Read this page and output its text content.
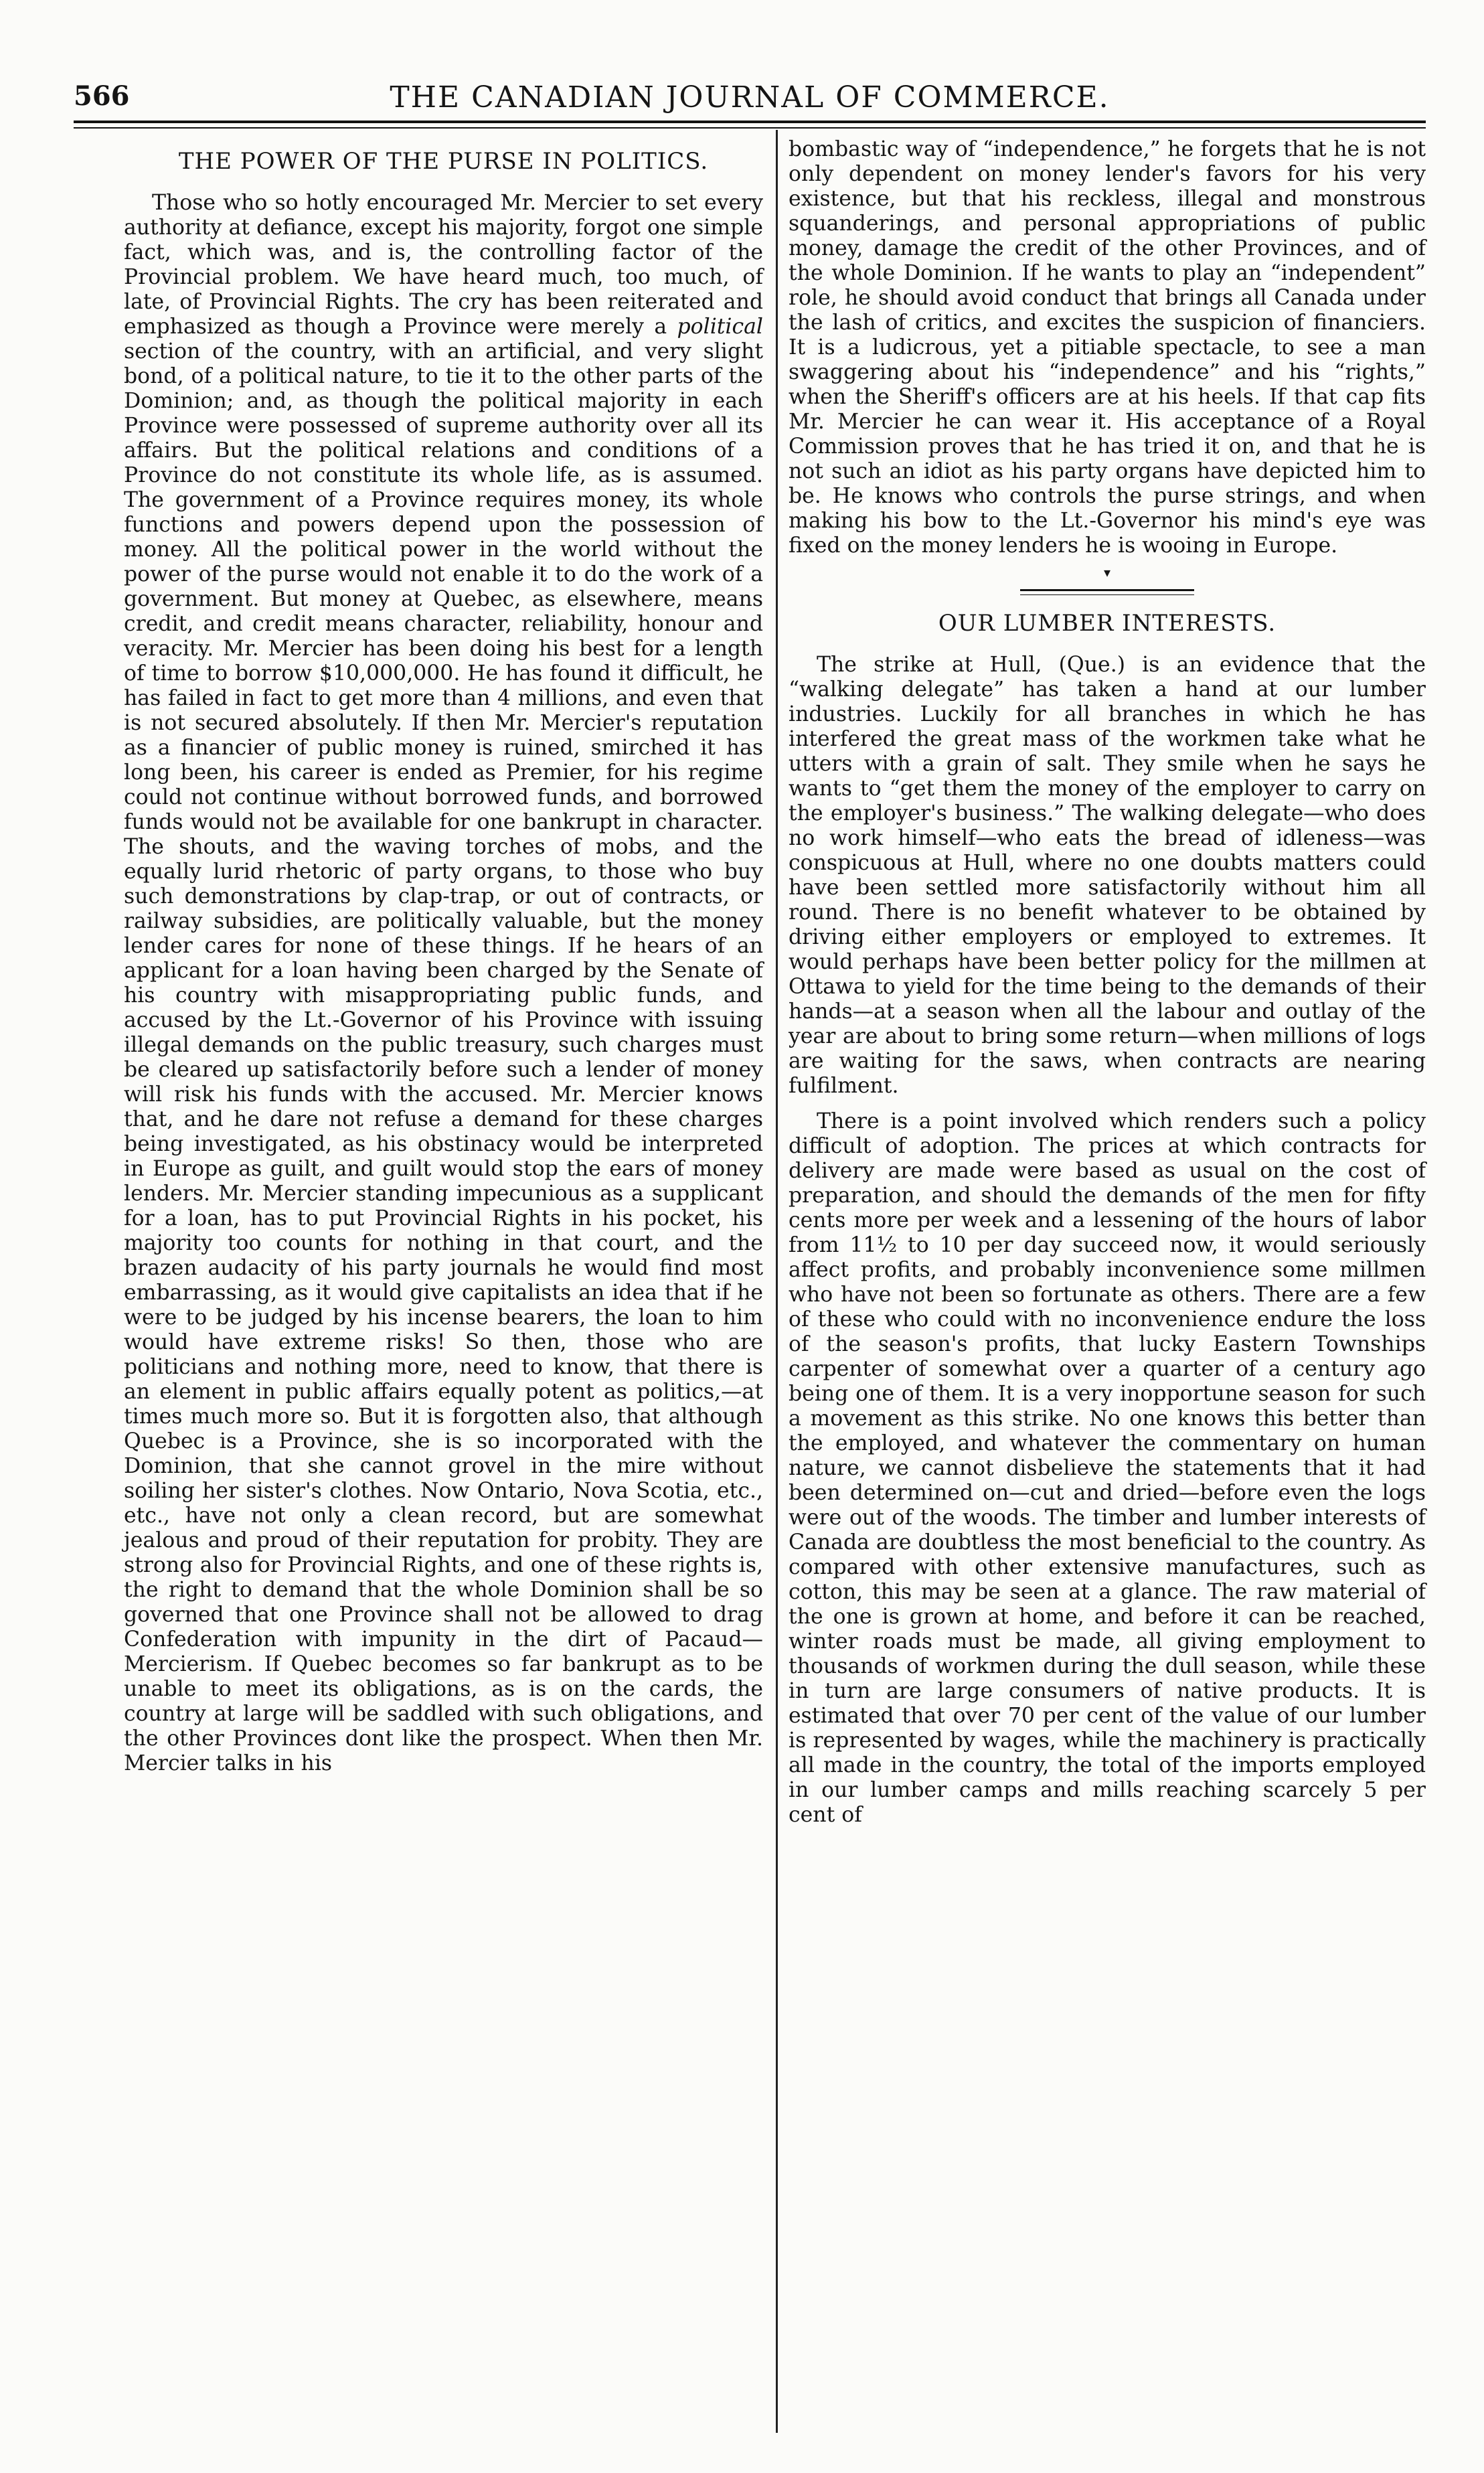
566	THE CANADIAN JOURNAL OF COMMERCE.
THE POWER OF THE PURSE IN POLITICS.

Those who so hotly encouraged Mr. Mercier to set every authority at defiance, except his majority, forgot one simple fact, which was, and is, the controlling factor of the Provincial problem. We have heard much, too much, of late, of Provincial Rights. The cry has been reiterated and emphasized as though a Province were merely a political section of the country, with an artificial, and very slight bond, of a political nature, to tie it to the other parts of the Dominion; and, as though the political majority in each Province were possessed of supreme authority over all its affairs. But the political relations and conditions of a Province do not constitute its whole life, as is assumed. The government of a Province requires money, its whole functions and powers depend upon the possession of money. All the political power in the world without the power of the purse would not enable it to do the work of a government. But money at Quebec, as elsewhere, means credit, and credit means character, reliability, honour and veracity. Mr. Mercier has been doing his best for a length of time to borrow $10,000,000. He has found it difficult, he has failed in fact to get more than 4 millions, and even that is not secured absolutely. If then Mr. Mercier's reputation as a financier of public money is ruined, smirched it has long been, his career is ended as Premier, for his regime could not continue without borrowed funds, and borrowed funds would not be available for one bankrupt in character. The shouts, and the waving torches of mobs, and the equally lurid rhetoric of party organs, to those who buy such demonstrations by clap-trap, or out of contracts, or railway subsidies, are politically valuable, but the money lender cares for none of these things. If he hears of an applicant for a loan having been charged by the Senate of his country with misappropriating public funds, and accused by the Lt.-Governor of his Province with issuing illegal demands on the public treasury, such charges must be cleared up satisfactorily before such a lender of money will risk his funds with the accused. Mr. Mercier knows that, and he dare not refuse a demand for these charges being investigated, as his obstinacy would be interpreted in Europe as guilt, and guilt would stop the ears of money lenders. Mr. Mercier standing impecunious as a supplicant for a loan, has to put Provincial Rights in his pocket, his majority too counts for nothing in that court, and the brazen audacity of his party journals he would find most embarrassing, as it would give capitalists an idea that if he were to be judged by his incense bearers, the loan to him would have extreme risks! So then, those who are politicians and nothing more, need to know, that there is an element in public affairs equally potent as politics,—at times much more so. But it is forgotten also, that although Quebec is a Province, she is so incorporated with the Dominion, that she cannot grovel in the mire without soiling her sister's clothes. Now Ontario, Nova Scotia, etc., etc., have not only a clean record, but are somewhat jealous and proud of their reputation for probity. They are strong also for Provincial Rights, and one of these rights is, the right to demand that the whole Dominion shall be so governed that one Province shall not be allowed to drag Confederation with impunity in the dirt of Pacaud—Mercierism. If Quebec becomes so far bankrupt as to be unable to meet its obligations, as is on the cards, the country at large will be saddled with such obligations, and the other Provinces dont like the prospect. When then Mr. Mercier talks in his

bombastic way of “independence,” he forgets that he is not only dependent on money lender's favors for his very existence, but that his reckless, illegal and monstrous squanderings, and personal appropriations of public money, damage the credit of the other Provinces, and of the whole Dominion. If he wants to play an “independent” role, he should avoid conduct that brings all Canada under the lash of critics, and excites the suspicion of financiers. It is a ludicrous, yet a pitiable spectacle, to see a man swaggering about his “independence” and his “rights,” when the Sheriff's officers are at his heels. If that cap fits Mr. Mercier he can wear it. His acceptance of a Royal Commission proves that he has tried it on, and that he is not such an idiot as his party organs have depicted him to be. He knows who controls the purse strings, and when making his bow to the Lt.-Governor his mind's eye was fixed on the money lenders he is wooing in Europe.

▾
OUR LUMBER INTERESTS.

The strike at Hull, (Que.) is an evidence that the “walking delegate” has taken a hand at our lumber industries. Luckily for all branches in which he has interfered the great mass of the workmen take what he utters with a grain of salt. They smile when he says he wants to “get them the money of the employer to carry on the employer's business.” The walking delegate—who does no work himself—who eats the bread of idleness—was conspicuous at Hull, where no one doubts matters could have been settled more satisfactorily without him all round. There is no benefit whatever to be obtained by driving either employers or employed to extremes. It would perhaps have been better policy for the millmen at Ottawa to yield for the time being to the demands of their hands—at a season when all the labour and outlay of the year are about to bring some return—when millions of logs are waiting for the saws, when contracts are nearing fulfilment.

There is a point involved which renders such a policy difficult of adoption. The prices at which contracts for delivery are made were based as usual on the cost of preparation, and should the demands of the men for fifty cents more per week and a lessening of the hours of labor from 11½ to 10 per day succeed now, it would seriously affect profits, and probably inconvenience some millmen who have not been so fortunate as others. There are a few of these who could with no inconvenience endure the loss of the season's profits, that lucky Eastern Townships carpenter of somewhat over a quarter of a century ago being one of them. It is a very inopportune season for such a movement as this strike. No one knows this better than the employed, and whatever the commentary on human nature, we cannot disbelieve the statements that it had been determined on—cut and dried—before even the logs were out of the woods. The timber and lumber interests of Canada are doubtless the most beneficial to the country. As compared with other extensive manufactures, such as cotton, this may be seen at a glance. The raw material of the one is grown at home, and before it can be reached, winter roads must be made, all giving employment to thousands of workmen during the dull season, while these in turn are large consumers of native products. It is estimated that over 70 per cent of the value of our lumber is represented by wages, while the machinery is practically all made in the country, the total of the imports employed in our lumber camps and mills reaching scarcely 5 per cent of
